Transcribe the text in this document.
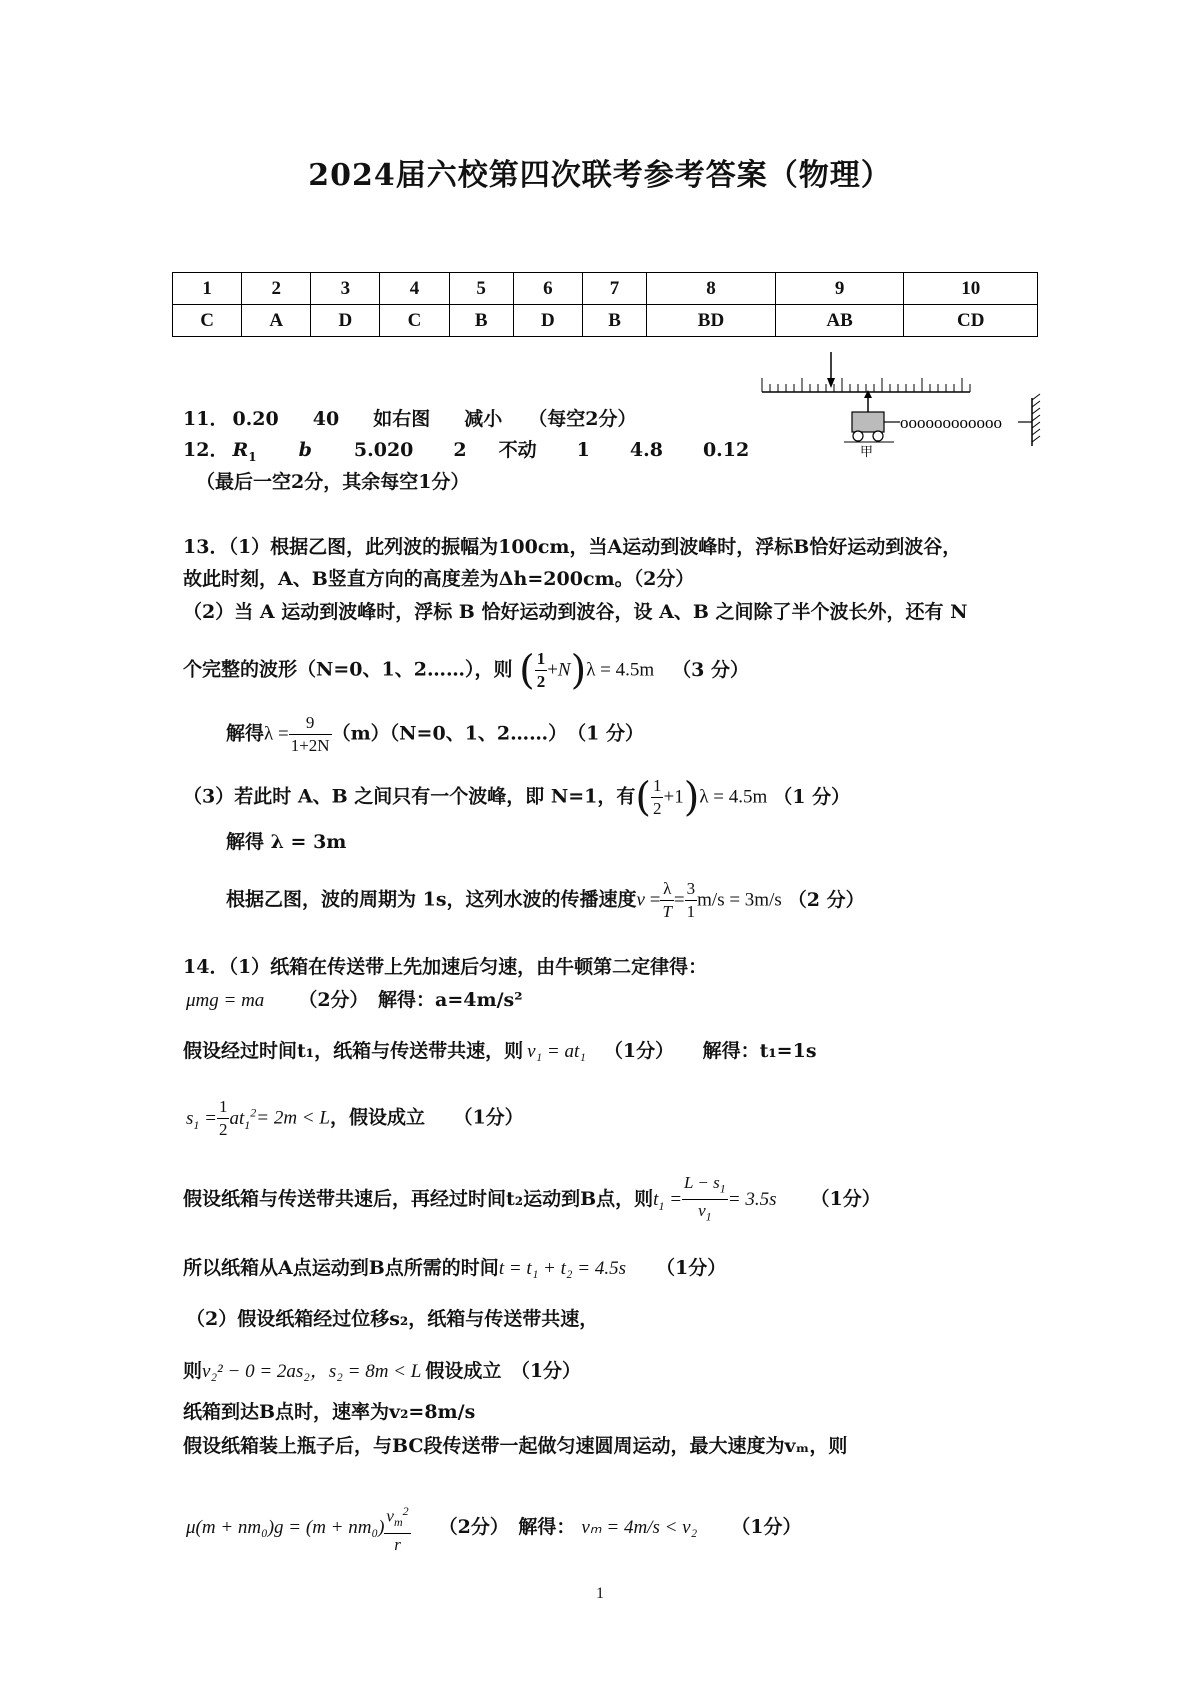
2024届六校第四次联考参考答案（物理）
1	2	3	4	5	6	7	8	9	10
C	A	D	C	B	D	B	BD	AB	CD
oooooooooooo
甲
11． 0.20 40 如右图 减小 （每空2分）
12． $R_1$ b 5.020 2 不动 1 4.8 0.12
（最后一空2分，其余每空1分）
13．（1）根据乙图，此列波的振幅为100cm，当A运动到波峰时，浮标B恰好运动到波谷，
故此时刻，A、B竖直方向的高度差为Δh=200cm。（2分）
（2）当 A 运动到波峰时，浮标 B 恰好运动到波谷，设 A、B 之间除了半个波长外，还有 N
个完整的波形（N=0、1、2……），则 ( $\frac{1}{2} +N)\lambda = 4.5m$ （3 分）
解得$\lambda = \frac{9}{1+2N} (m)(N=0$、1、2……）　（1 分）
（3）若此时 A、B 之间只有一个波峰，即 N=1，有( $\frac{1}{2} +1)\lambda = 4.5m$ （1 分）
解得 λ = 3m
根据乙图，波的周期为 1s，这列水波的传播速度$v = \frac{\lambda}{T} = \frac{3}{1} m/s = 3m/s$ （2 分）
14．（1）纸箱在传送带上先加速后匀速，由牛顿第二定律得：
μmg = ma （2分）　解得：a=4m/s²
假设经过时间t₁，纸箱与传送带共速，则 v₁ = at₁ （1分）　　解得：t₁=1s
$s_1 = \frac{1}{2} at_1^2= 2m < L$，假设成立　　（1分）
假设纸箱与传送带共速后，再经过时间t₂运动到B点，则$t_1 = \frac{L - s_1}{v_1} = 3.5s$ （1分）
所以纸箱从A点运动到B点所需的时间t = t₁ + t₂ = 4.5s （1分）
（2）假设纸箱经过位移s₂，纸箱与传送带共速，
则v₂² − 0 = 2as₂，s₂ = 8m < L 假设成立　（1分）
纸箱到达B点时，速率为v₂=8m/s
假设纸箱装上瓶子后，与BC段传送带一起做匀速圆周运动，最大速度为vₘ，则
$\mu(m + nm_0)g = (m + nm_0) \frac{v_m^2}{r} (2$分）　解得： vₘ = 4m/s < v₂ （1分）
1
